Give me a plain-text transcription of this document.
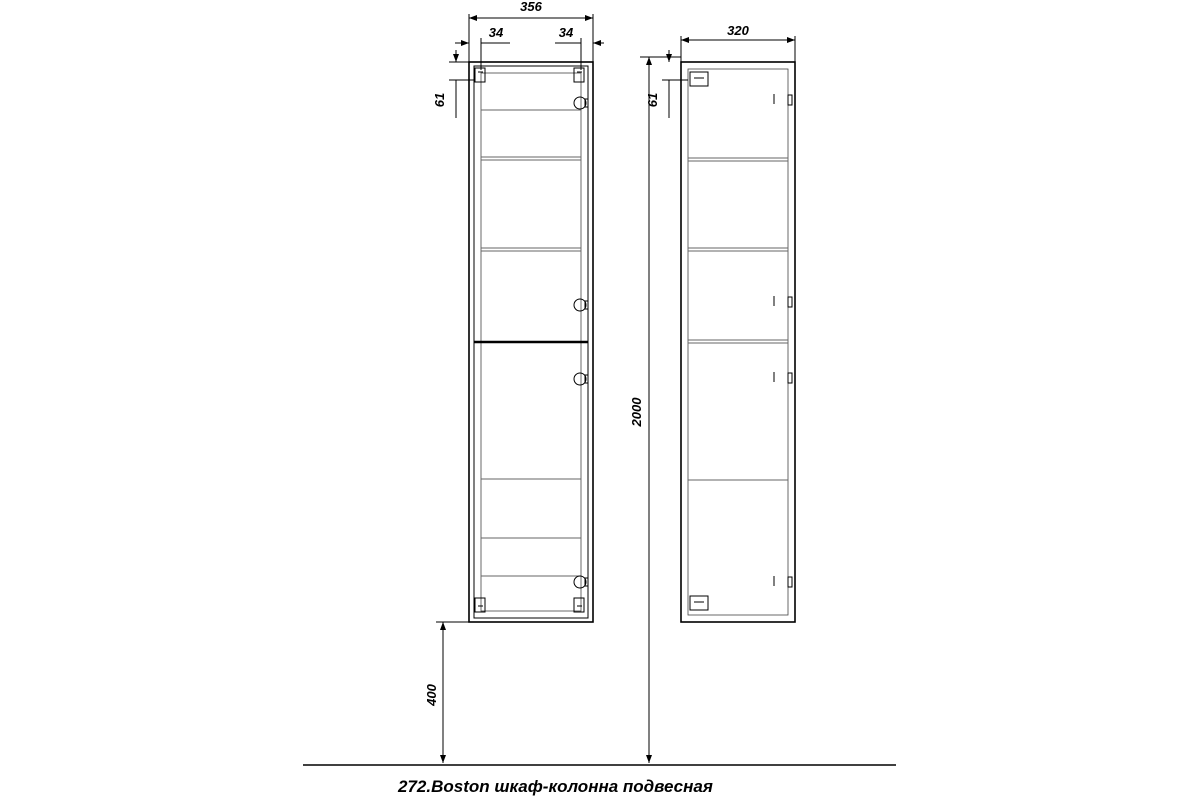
356
34	34
61
400
320
61
2000
272.Boston шкаф-колонна подвесная
